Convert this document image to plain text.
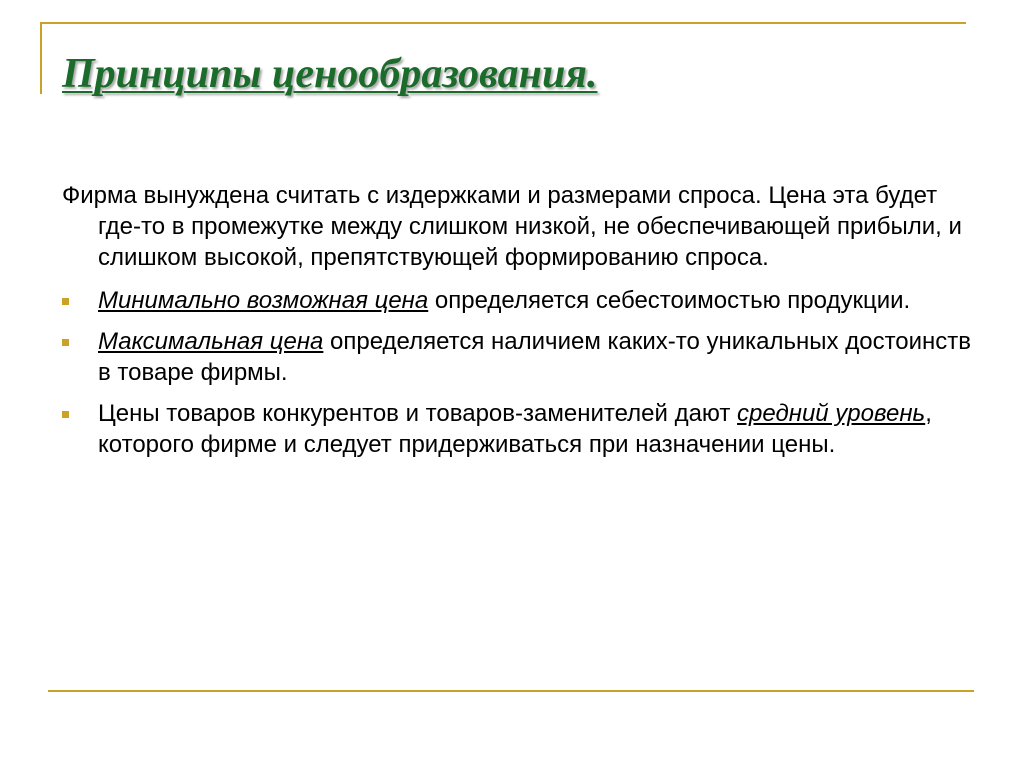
Принципы ценообразования.

Фирма вынуждена считать с издержками и размерами спроса. Цена эта будет где-то в промежутке между слишком низкой, не обеспечивающей прибыли, и слишком высокой, препятствующей формированию спроса.

Минимально возможная цена определяется себестоимостью продукции.
Максимальная цена определяется наличием каких-то уникальных достоинств в товаре фирмы.
Цены товаров конкурентов и товаров-заменителей дают средний уровень, которого фирме и следует придерживаться при назначении цены.
